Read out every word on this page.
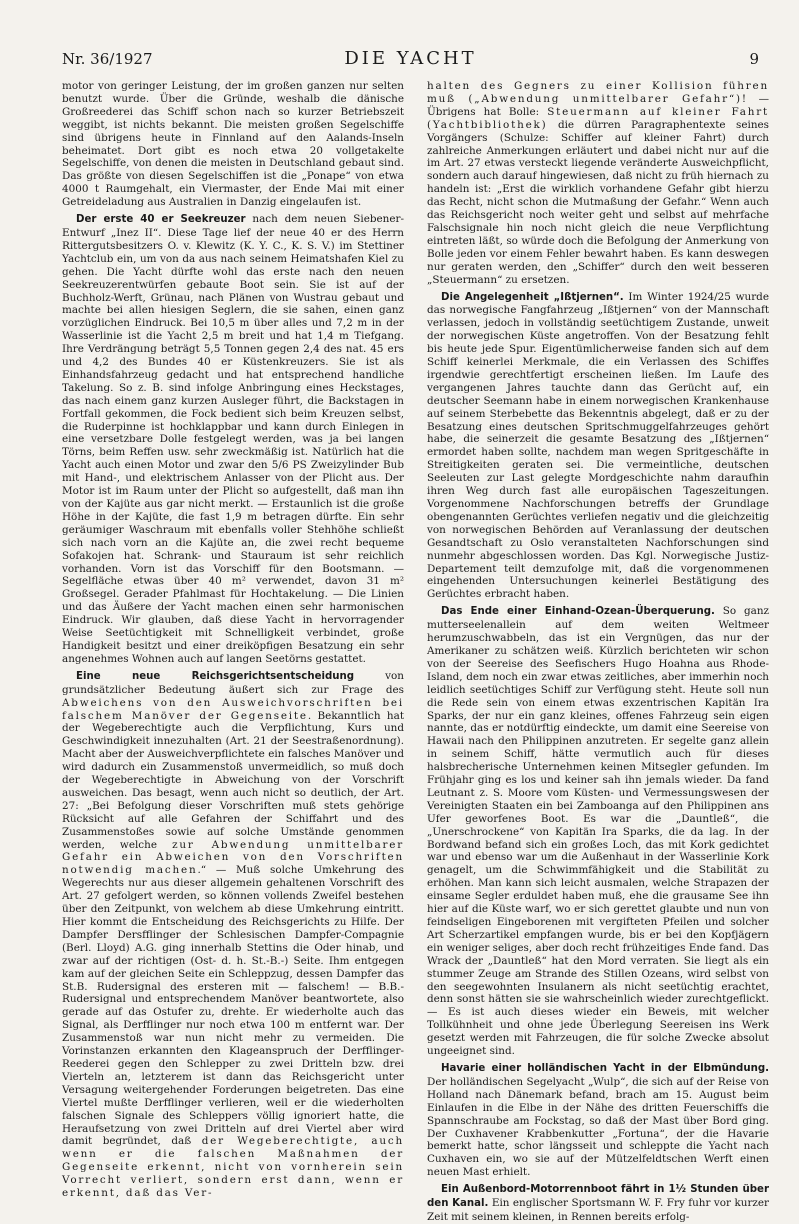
Nr. 36/1927	DIE YACHT	9

motor von geringer Leistung, der im großen ganzen nur selten benutzt wurde. Über die Gründe, weshalb die dänische Großreederei das Schiff schon nach so kurzer Betriebszeit weggibt, ist nichts bekannt. Die meisten großen Segelschiffe sind übrigens heute in Finnland auf den Aalands-Inseln beheimatet. Dort gibt es noch etwa 20 vollgetakelte Segelschiffe, von denen die meisten in Deutschland gebaut sind. Das größte von diesen Segelschiffen ist die „Ponape“ von etwa 4000 t Raumgehalt, ein Viermaster, der Ende Mai mit einer Getreideladung aus Australien in Danzig eingelaufen ist.

Der erste 40 er Seekreuzer nach dem neuen Siebener-Entwurf „Inez II“. Diese Tage lief der neue 40 er des Herrn Rittergutsbesitzers O. v. Klewitz (K. Y. C., K. S. V.) im Stettiner Yachtclub ein, um von da aus nach seinem Heimatshafen Kiel zu gehen. Die Yacht dürfte wohl das erste nach den neuen Seekreuzerentwürfen gebaute Boot sein. Sie ist auf der Buchholz-Werft, Grünau, nach Plänen von Wustrau gebaut und machte bei allen hiesigen Seglern, die sie sahen, einen ganz vorzüglichen Eindruck. Bei 10,5 m über alles und 7,2 m in der Wasserlinie ist die Yacht 2,5 m breit und hat 1,4 m Tiefgang. Ihre Verdrängung beträgt 5,5 Tonnen gegen 2,4 des nat. 45 ers und 4,2 des Bundes 40 er Küstenkreuzers. Sie ist als Einhandsfahrzeug gedacht und hat entsprechend handliche Takelung. So z. B. sind infolge Anbringung eines Heckstages, das nach einem ganz kurzen Ausleger führt, die Backstagen in Fortfall gekommen, die Fock bedient sich beim Kreuzen selbst, die Ruderpinne ist hochklappbar und kann durch Einlegen in eine versetzbare Dolle festgelegt werden, was ja bei langen Törns, beim Reffen usw. sehr zweckmäßig ist. Natürlich hat die Yacht auch einen Motor und zwar den 5/6 PS Zweizylinder Bub mit Hand-, und elektrischem Anlasser von der Plicht aus. Der Motor ist im Raum unter der Plicht so aufgestellt, daß man ihn von der Kajüte aus gar nicht merkt. — Erstaunlich ist die große Höhe in der Kajüte, die fast 1,9 m betragen dürfte. Ein sehr geräumiger Waschraum mit ebenfalls voller Stehhöhe schließt sich nach vorn an die Kajüte an, die zwei recht bequeme Sofakojen hat. Schrank- und Stauraum ist sehr reichlich vorhanden. Vorn ist das Vorschiff für den Bootsmann. — Segelfläche etwas über 40 m² verwendet, davon 31 m² Großsegel. Gerader Pfahlmast für Hochtakelung. — Die Linien und das Äußere der Yacht machen einen sehr harmonischen Eindruck. Wir glauben, daß diese Yacht in hervorragender Weise Seetüchtigkeit mit Schnelligkeit verbindet, große Handigkeit besitzt und einer dreiköpfigen Besatzung ein sehr angenehmes Wohnen auch auf langen Seetörns gestattet.

Eine neue Reichsgerichtsentscheidung von grundsätzlicher Bedeutung äußert sich zur Frage des Abweichens von den Ausweichvorschriften bei falschem Manöver der Gegenseite. Bekanntlich hat der Wegeberechtigte auch die Verpflichtung, Kurs und Geschwindigkeit innezuhalten (Art. 21 der Seestraßenordnung). Macht aber der Ausweichverpflichtete ein falsches Manöver und wird dadurch ein Zusammenstoß unvermeidlich, so muß doch der Wegeberechtigte in Abweichung von der Vorschrift ausweichen. Das besagt, wenn auch nicht so deutlich, der Art. 27: „Bei Befolgung dieser Vorschriften muß stets gehörige Rücksicht auf alle Gefahren der Schiffahrt und des Zusammenstoßes sowie auf solche Umstände genommen werden, welche zur Abwendung unmittelbarer Gefahr ein Abweichen von den Vorschriften notwendig machen.“ — Muß solche Umkehrung des Wegerechts nur aus dieser allgemein gehaltenen Vorschrift des Art. 27 gefolgert werden, so können vollends Zweifel bestehen über den Zeitpunkt, von welchem ab diese Umkehrung eintritt. Hier kommt die Entscheidung des Reichsgerichts zu Hilfe. Der Dampfer Dersfflinger der Schlesischen Dampfer-Compagnie (Berl. Lloyd) A.G. ging innerhalb Stettins die Oder hinab, und zwar auf der richtigen (Ost- d. h. St.-B.-) Seite. Ihm entgegen kam auf der gleichen Seite ein Schleppzug, dessen Dampfer das St.B. Rudersignal des ersteren mit — falschem! — B.B.-Rudersignal und entsprechendem Manöver beantwortete, also gerade auf das Ostufer zu, drehte. Er wiederholte auch das Signal, als Derfflinger nur noch etwa 100 m entfernt war. Der Zusammenstoß war nun nicht mehr zu vermeiden. Die Vorinstanzen erkannten den Klageanspruch der Derfflinger-Reederei gegen den Schlepper zu zwei Dritteln bzw. drei Vierteln an, letzterem ist dann das Reichsgericht unter Versagung weitergehender Forderungen beigetreten. Das eine Viertel mußte Derfflinger verlieren, weil er die wiederholten falschen Signale des Schleppers völlig ignoriert hatte, die Heraufsetzung von zwei Dritteln auf drei Viertel aber wird damit begründet, daß der Wegeberechtigte, auch wenn er die falschen Maßnahmen der Gegenseite erkennt, nicht von vornherein sein Vorrecht verliert, sondern erst dann, wenn er erkennt, daß das Ver-

halten des Gegners zu einer Kollision führen muß („Abwendung unmittelbarer Gefahr“)! — Übrigens hat Bolle: Steuermann auf kleiner Fahrt (Yachtbibliothek) die dürren Paragraphentexte seines Vorgängers (Schulze: Schiffer auf kleiner Fahrt) durch zahlreiche Anmerkungen erläutert und dabei nicht nur auf die im Art. 27 etwas versteckt liegende veränderte Ausweichpflicht, sondern auch darauf hingewiesen, daß nicht zu früh hiernach zu handeln ist: „Erst die wirklich vorhandene Gefahr gibt hierzu das Recht, nicht schon die Mutmaßung der Gefahr.“ Wenn auch das Reichsgericht noch weiter geht und selbst auf mehrfache Falschsignale hin noch nicht gleich die neue Verpflichtung eintreten läßt, so würde doch die Befolgung der Anmerkung von Bolle jeden vor einem Fehler bewahrt haben. Es kann deswegen nur geraten werden, den „Schiffer“ durch den weit besseren „Steuermann“ zu ersetzen.

Die Angelegenheit „Ißtjernen“. Im Winter 1924/25 wurde das norwegische Fangfahrzeug „Ißtjernen“ von der Mannschaft verlassen, jedoch in vollständig seetüchtigem Zustande, unweit der norwegischen Küste angetroffen. Von der Besatzung fehlt bis heute jede Spur. Eigentümlicherweise fanden sich auf dem Schiff keinerlei Merkmale, die ein Verlassen des Schiffes irgendwie gerechtfertigt erscheinen ließen. Im Laufe des vergangenen Jahres tauchte dann das Gerücht auf, ein deutscher Seemann habe in einem norwegischen Krankenhause auf seinem Sterbebette das Bekenntnis abgelegt, daß er zu der Besatzung eines deutschen Spritschmuggelfahrzeuges gehört habe, die seinerzeit die gesamte Besatzung des „Ißtjernen“ ermordet haben sollte, nachdem man wegen Spritgeschäfte in Streitigkeiten geraten sei. Die vermeintliche, deutschen Seeleuten zur Last gelegte Mordgeschichte nahm daraufhin ihren Weg durch fast alle europäischen Tageszeitungen. Vorgenommene Nachforschungen betreffs der Grundlage obengenannten Gerüchtes verliefen negativ und die gleichzeitig von norwegischen Behörden auf Veranlassung der deutschen Gesandtschaft zu Oslo veranstalteten Nachforschungen sind nunmehr abgeschlossen worden. Das Kgl. Norwegische Justiz-Departement teilt demzufolge mit, daß die vorgenommenen eingehenden Untersuchungen keinerlei Bestätigung des Gerüchtes erbracht haben.

Das Ende einer Einhand-Ozean-Überquerung. So ganz mutterseelenallein auf dem weiten Weltmeer herumzuschwabbeln, das ist ein Vergnügen, das nur der Amerikaner zu schätzen weiß. Kürzlich berichteten wir schon von der Seereise des Seefischers Hugo Hoahna aus Rhode-Island, dem noch ein zwar etwas zeitliches, aber immerhin noch leidlich seetüchtiges Schiff zur Verfügung steht. Heute soll nun die Rede sein von einem etwas exzentrischen Kapitän Ira Sparks, der nur ein ganz kleines, offenes Fahrzeug sein eigen nannte, das er notdürftig eindeckte, um damit eine Seereise von Hawaii nach den Philippinen anzutreten. Er segelte ganz allein in seinem Schiff, hätte vermutlich auch für dieses halsbrecherische Unternehmen keinen Mitsegler gefunden. Im Frühjahr ging es los und keiner sah ihn jemals wieder. Da fand Leutnant z. S. Moore vom Küsten- und Vermessungswesen der Vereinigten Staaten ein bei Zamboanga auf den Philippinen ans Ufer geworfenes Boot. Es war die „Dauntleß“, die „Unerschrockene“ von Kapitän Ira Sparks, die da lag. In der Bordwand befand sich ein großes Loch, das mit Kork gedichtet war und ebenso war um die Außenhaut in der Wasserlinie Kork genagelt, um die Schwimmfähigkeit und die Stabilität zu erhöhen. Man kann sich leicht ausmalen, welche Strapazen der einsame Segler erduldet haben muß, ehe die grausame See ihn hier auf die Küste warf, wo er sich gerettet glaubte und nun von feindseligen Eingeborenen mit vergifteten Pfeilen und solcher Art Scherzartikel empfangen wurde, bis er bei den Kopfjägern ein weniger seliges, aber doch recht frühzeitiges Ende fand. Das Wrack der „Dauntleß“ hat den Mord verraten. Sie liegt als ein stummer Zeuge am Strande des Stillen Ozeans, wird selbst von den seegewohnten Insulanern als nicht seetüchtig erachtet, denn sonst hätten sie sie wahrscheinlich wieder zurechtgeflickt. — Es ist auch dieses wieder ein Beweis, mit welcher Tollkühnheit und ohne jede Überlegung Seereisen ins Werk gesetzt werden mit Fahrzeugen, die für solche Zwecke absolut ungeeignet sind.

Havarie einer holländischen Yacht in der Elbmündung. Der holländischen Segelyacht „Wulp“, die sich auf der Reise von Holland nach Dänemark befand, brach am 15. August beim Einlaufen in die Elbe in der Nähe des dritten Feuerschiffs die Spannschraube am Fockstag, so daß der Mast über Bord ging. Der Cuxhavener Krabbenkutter „Fortuna“, der die Havarie bemerkt hatte, schor längsseit und schleppte die Yacht nach Cuxhaven ein, wo sie auf der Mützelfeldtschen Werft einen neuen Mast erhielt.

Ein Außenbord-Motorrennboot fährt in 1½ Stunden über den Kanal. Ein englischer Sportsmann W. F. Fry fuhr vor kurzer Zeit mit seinem kleinen, in Rennen bereits erfolg-
